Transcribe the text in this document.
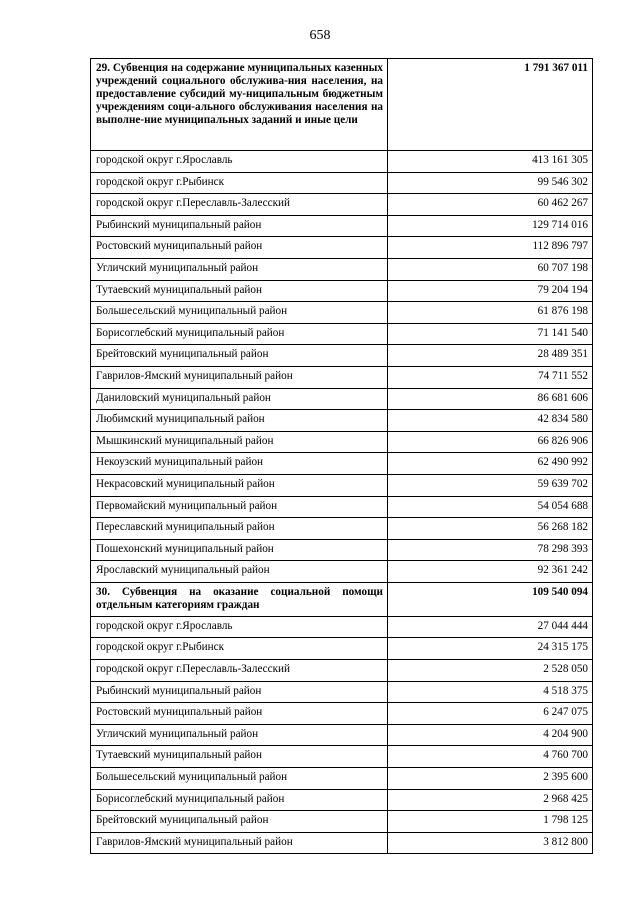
658
29. Субвенция на содержание муниципальных казенных учреждений социального обслужива-ния населения, на предоставление субсидий му-ниципальным бюджетным учреждениям соци-ального обслуживания населения на выполне-ние муниципальных заданий и иные цели	1 791 367 011
городской округ г.Ярославль	413 161 305
городской округ г.Рыбинск	99 546 302
городской округ г.Переславль-Залесский	60 462 267
Рыбинский муниципальный район	129 714 016
Ростовский муниципальный район	112 896 797
Угличский муниципальный район	60 707 198
Тутаевский муниципальный район	79 204 194
Большесельский муниципальный район	61 876 198
Борисоглебский муниципальный район	71 141 540
Брейтовский муниципальный район	28 489 351
Гаврилов-Ямский муниципальный район	74 711 552
Даниловский муниципальный район	86 681 606
Любимский муниципальный район	42 834 580
Мышкинский муниципальный район	66 826 906
Некоузский муниципальный район	62 490 992
Некрасовский муниципальный район	59 639 702
Первомайский муниципальный район	54 054 688
Переславский муниципальный район	56 268 182
Пошехонский муниципальный район	78 298 393
Ярославский муниципальный район	92 361 242
30. Субвенция на оказание социальной помощи отдельным категориям граждан	109 540 094
городской округ г.Ярославль	27 044 444
городской округ г.Рыбинск	24 315 175
городской округ г.Переславль-Залесский	2 528 050
Рыбинский муниципальный район	4 518 375
Ростовский муниципальный район	6 247 075
Угличский муниципальный район	4 204 900
Тутаевский муниципальный район	4 760 700
Большесельский муниципальный район	2 395 600
Борисоглебский муниципальный район	2 968 425
Брейтовский муниципальный район	1 798 125
Гаврилов-Ямский муниципальный район	3 812 800
